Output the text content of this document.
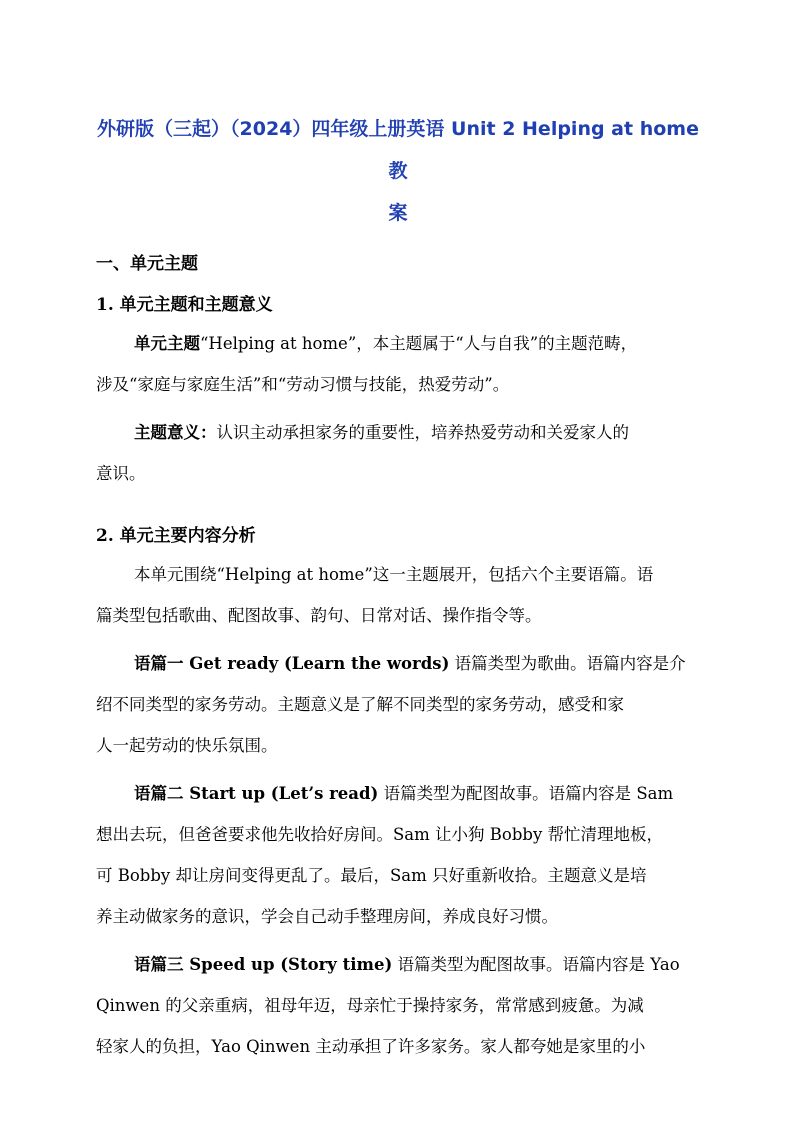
外研版（三起）（2024）四年级上册英语 Unit 2 Helping at home 教
案
一、单元主题
1. 单元主题和主题意义
单元主题“Helping at home”，本主题属于“人与自我”的主题范畴，
涉及“家庭与家庭生活”和“劳动习惯与技能，热爱劳动”。
主题意义：认识主动承担家务的重要性，培养热爱劳动和关爱家人的
意识。
2. 单元主要内容分析
本单元围绕“Helping at home”这一主题展开，包括六个主要语篇。语
篇类型包括歌曲、配图故事、韵句、日常对话、操作指令等。
语篇一 Get ready (Learn the words) 语篇类型为歌曲。语篇内容是介
绍不同类型的家务劳动。主题意义是了解不同类型的家务劳动，感受和家
人一起劳动的快乐氛围。
语篇二 Start up (Let’s read) 语篇类型为配图故事。语篇内容是 Sam
想出去玩，但爸爸要求他先收拾好房间。Sam 让小狗 Bobby 帮忙清理地板，
可 Bobby 却让房间变得更乱了。最后，Sam 只好重新收拾。主题意义是培
养主动做家务的意识，学会自己动手整理房间，养成良好习惯。
语篇三 Speed up (Story time) 语篇类型为配图故事。语篇内容是 Yao
Qinwen 的父亲重病，祖母年迈，母亲忙于操持家务，常常感到疲惫。为减
轻家人的负担，Yao Qinwen 主动承担了许多家务。家人都夸她是家里的小
